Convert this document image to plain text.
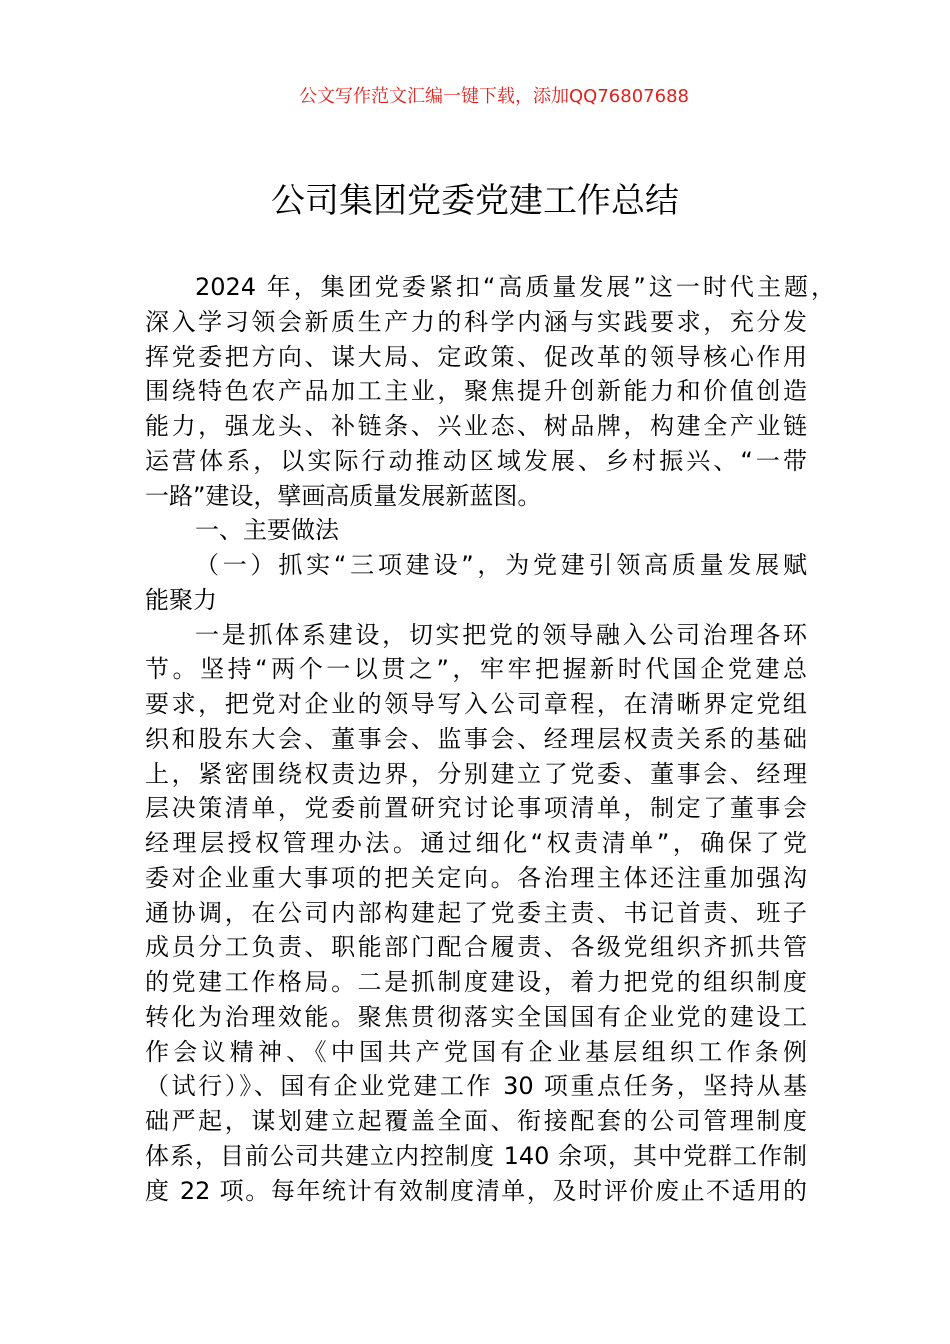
公文写作范文汇编一键下载，添加QQ76807688
公司集团党委党建工作总结
2024 年，集团党委紧扣“高质量发展”这一时代主题，
深入学习领会新质生产力的科学内涵与实践要求，充分发
挥党委把方向、谋大局、定政策、促改革的领导核心作用
围绕特色农产品加工主业，聚焦提升创新能力和价值创造
能力，强龙头、补链条、兴业态、树品牌，构建全产业链
运营体系，以实际行动推动区域发展、乡村振兴、“一带
一路”建设，擘画高质量发展新蓝图。
一、主要做法
（一）抓实“三项建设”，为党建引领高质量发展赋
能聚力
一是抓体系建设，切实把党的领导融入公司治理各环
节。坚持“两个一以贯之”，牢牢把握新时代国企党建总
要求，把党对企业的领导写入公司章程，在清晰界定党组
织和股东大会、董事会、监事会、经理层权责关系的基础
上，紧密围绕权责边界，分别建立了党委、董事会、经理
层决策清单，党委前置研究讨论事项清单，制定了董事会
经理层授权管理办法。通过细化“权责清单”，确保了党
委对企业重大事项的把关定向。各治理主体还注重加强沟
通协调，在公司内部构建起了党委主责、书记首责、班子
成员分工负责、职能部门配合履责、各级党组织齐抓共管
的党建工作格局。二是抓制度建设，着力把党的组织制度
转化为治理效能。聚焦贯彻落实全国国有企业党的建设工
作会议精神、《中国共产党国有企业基层组织工作条例
（试行）》、国有企业党建工作 30 项重点任务，坚持从基
础严起，谋划建立起覆盖全面、衔接配套的公司管理制度
体系，目前公司共建立内控制度 140 余项，其中党群工作制
度 22 项。每年统计有效制度清单，及时评价废止不适用的
